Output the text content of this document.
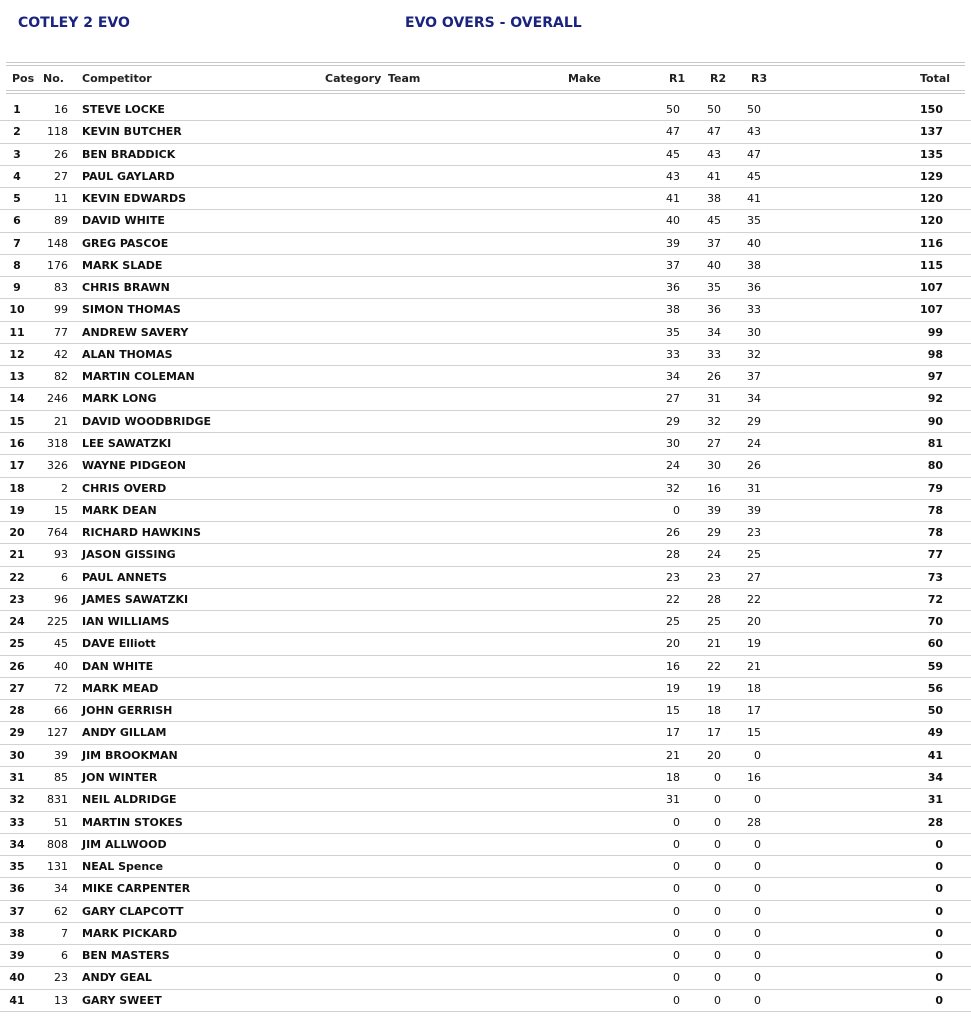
COTLEY 2 EVO	EVO OVERS - OVERALL
Pos No. Competitor	Category Team	Make	R1 R2 R3	Total
1	16 STEVE LOCKE	50	50	50	150
2	118 KEVIN BUTCHER	47	47	43	137
3	26 BEN BRADDICK	45	43	47	135
4	27 PAUL GAYLARD	43	41	45	129
5	11 KEVIN EDWARDS	41	38	41	120
6	89 DAVID WHITE	40	45	35	120
7	148 GREG PASCOE	39	37	40	116
8	176 MARK SLADE	37	40	38	115
9	83 CHRIS BRAWN	36	35	36	107
10	99 SIMON THOMAS	38	36	33	107
11	77 ANDREW SAVERY	35	34	30	99
12	42 ALAN THOMAS	33	33	32	98
13	82 MARTIN COLEMAN	34	26	37	97
14	246 MARK LONG	27	31	34	92
15	21 DAVID WOODBRIDGE	29	32	29	90
16	318 LEE SAWATZKI	30	27	24	81
17	326 WAYNE PIDGEON	24	30	26	80
18	2 CHRIS OVERD	32	16	31	79
19	15 MARK DEAN	0	39	39	78
20	764 RICHARD HAWKINS	26	29	23	78
21	93 JASON GISSING	28	24	25	77
22	6 PAUL ANNETS	23	23	27	73
23	96 JAMES SAWATZKI	22	28	22	72
24	225 IAN WILLIAMS	25	25	20	70
25	45 DAVE Elliott	20	21	19	60
26	40 DAN WHITE	16	22	21	59
27	72 MARK MEAD	19	19	18	56
28	66 JOHN GERRISH	15	18	17	50
29	127 ANDY GILLAM	17	17	15	49
30	39 JIM BROOKMAN	21	20	0	41
31	85 JON WINTER	18	0	16	34
32	831 NEIL ALDRIDGE	31	0	0	31
33	51 MARTIN STOKES	0	0	28	28
34	808 JIM ALLWOOD	0	0	0	0
35	131 NEAL Spence	0	0	0	0
36	34 MIKE CARPENTER	0	0	0	0
37	62 GARY CLAPCOTT	0	0	0	0
38	7 MARK PICKARD	0	0	0	0
39	6 BEN MASTERS	0	0	0	0
40	23 ANDY GEAL	0	0	0	0
41	13 GARY SWEET	0	0	0	0
